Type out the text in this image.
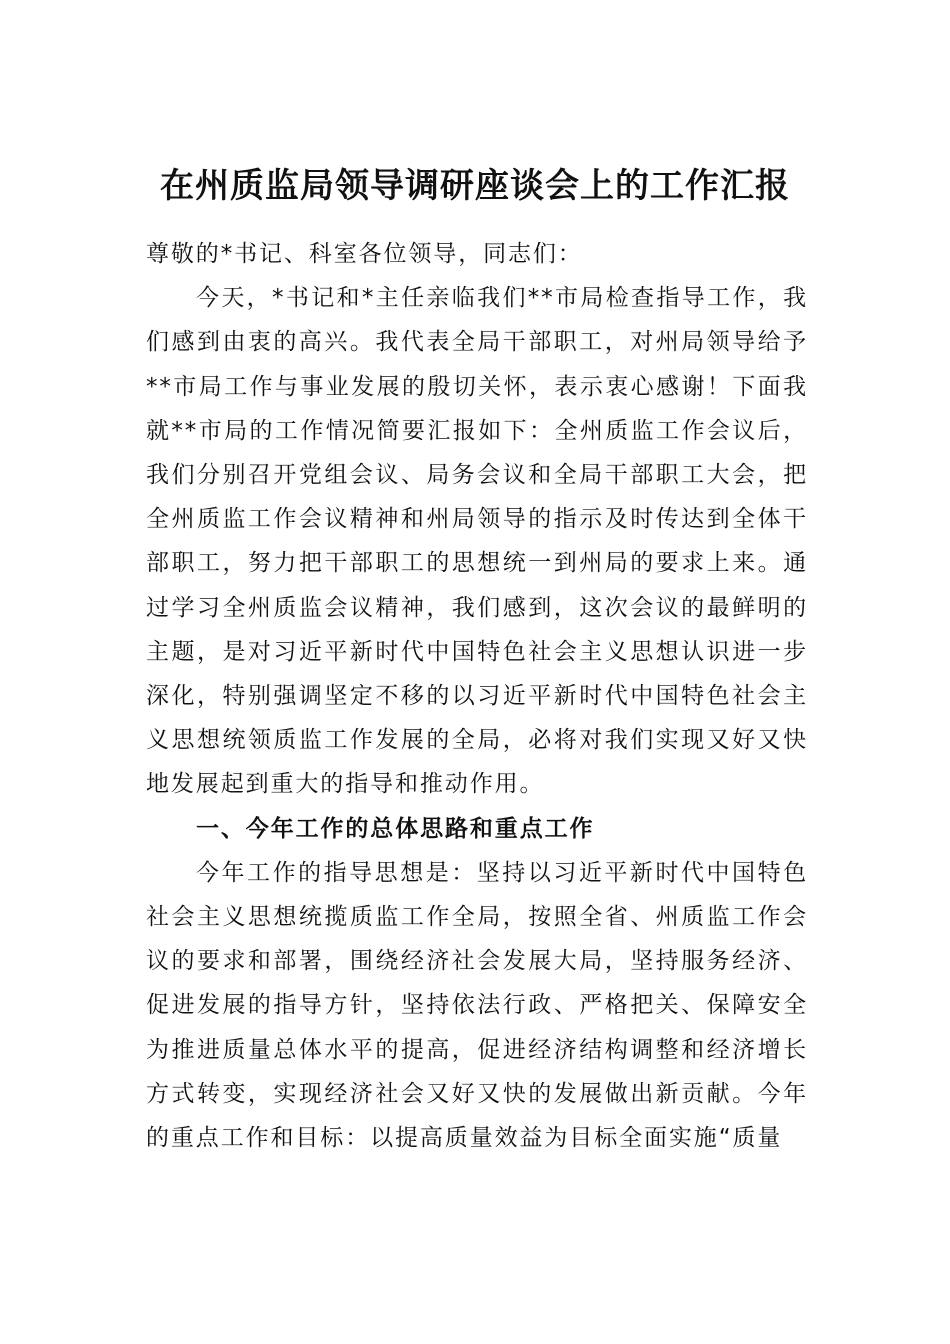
在州质监局领导调研座谈会上的工作汇报

尊敬的*书记、科室各位领导，同志们：

今天，*书记和*主任亲临我们**市局检查指导工作，我们感到由衷的高兴。我代表全局干部职工，对州局领导给予**市局工作与事业发展的殷切关怀，表示衷心感谢！下面我就**市局的工作情况简要汇报如下：全州质监工作会议后，我们分别召开党组会议、局务会议和全局干部职工大会，把全州质监工作会议精神和州局领导的指示及时传达到全体干部职工，努力把干部职工的思想统一到州局的要求上来。通过学习全州质监会议精神，我们感到，这次会议的最鲜明的主题，是对习近平新时代中国特色社会主义思想认识进一步深化，特别强调坚定不移的以习近平新时代中国特色社会主义思想统领质监工作发展的全局，必将对我们实现又好又快地发展起到重大的指导和推动作用。

一、今年工作的总体思路和重点工作

今年工作的指导思想是：坚持以习近平新时代中国特色社会主义思想统揽质监工作全局，按照全省、州质监工作会议的要求和部署，围绕经济社会发展大局，坚持服务经济、促进发展的指导方针，坚持依法行政、严格把关、保障安全为推进质量总体水平的提高，促进经济结构调整和经济增长方式转变，实现经济社会又好又快的发展做出新贡献。今年的重点工作和目标：以提高质量效益为目标全面实施“质量
